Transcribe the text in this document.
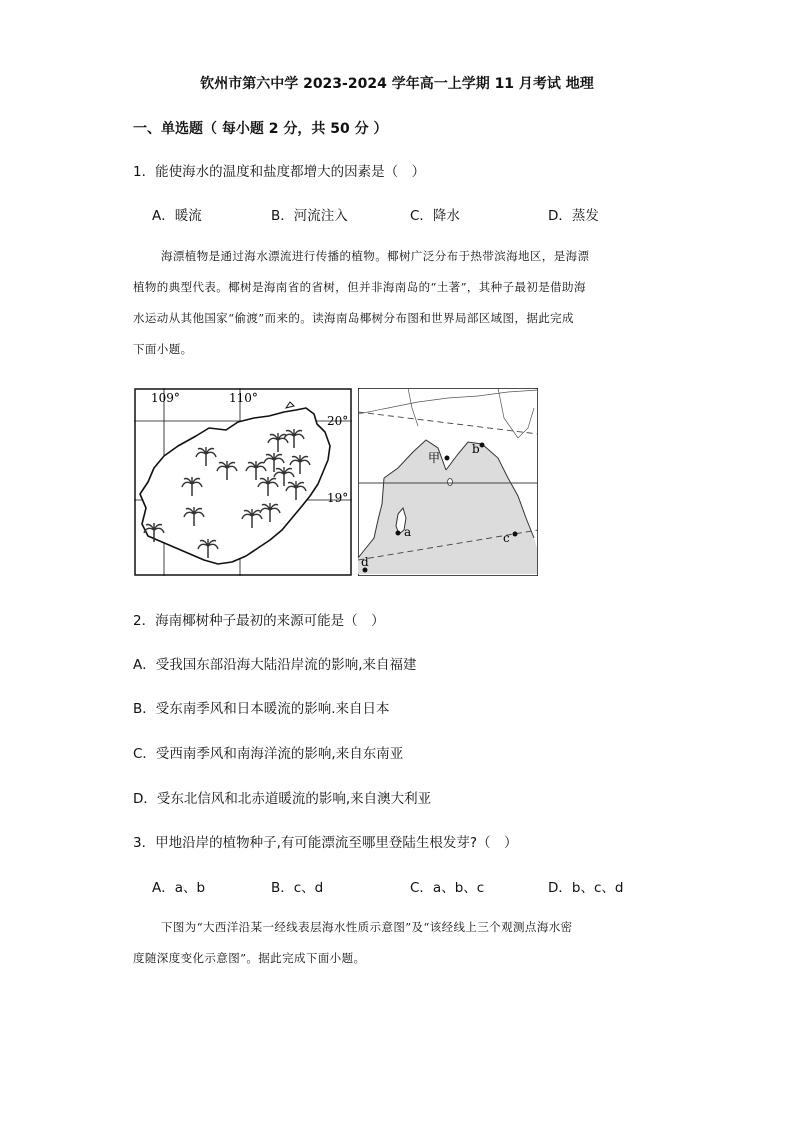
钦州市第六中学 2023-2024 学年高一上学期 11 月考试 地理
一、单选题（ 每小题 2 分，共 50 分 ）
1．能使海水的温度和盐度都增大的因素是（　）
A．暖流	B．河流注入	C．降水	D．蒸发

海漂植物是通过海水漂流进行传播的植物。椰树广泛分布于热带滨海地区，是海漂

植物的典型代表。椰树是海南省的省树，但并非海南岛的“土著”，其种子最初是借助海

水运动从其他国家“偷渡”而来的。读海南岛椰树分布图和世界局部区域图，据此完成

下面小题。

109°	110°
20°
19°
甲
b
a	c
d
2．海南椰树种子最初的来源可能是（　）
A．受我国东部沿海大陆沿岸流的影响,来自福建
B．受东南季风和日本暖流的影响.来自日本
C．受西南季风和南海洋流的影响,来自东南亚
D．受东北信风和北赤道暖流的影响,来自澳大利亚
3．甲地沿岸的植物种子,有可能漂流至哪里登陆生根发芽?（　）
A．a、b	B．c、d	C．a、b、c	D．b、c、d

下图为“大西洋沿某一经线表层海水性质示意图”及“该经线上三个观测点海水密

度随深度变化示意图”。据此完成下面小题。
